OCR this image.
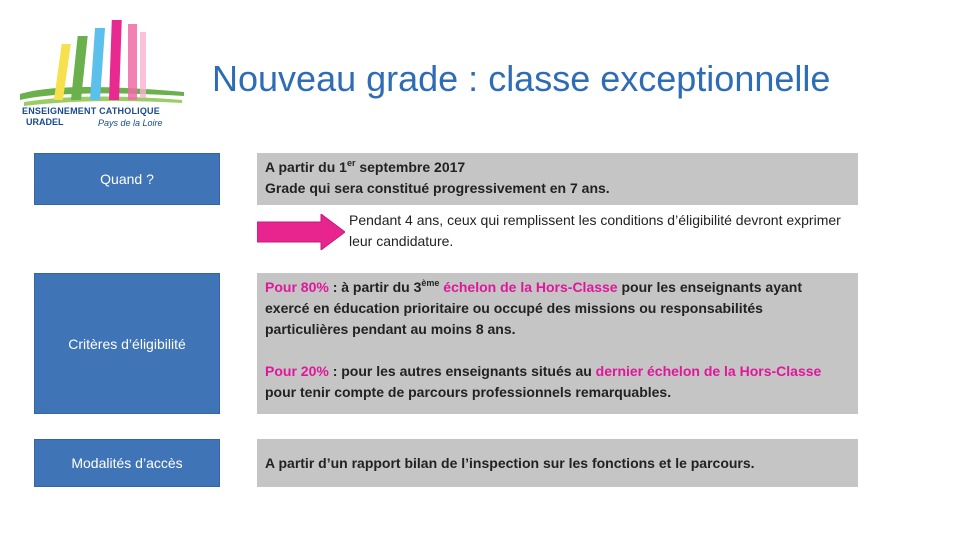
ENSEIGNEMENT CATHOLIQUE
URADEL	Pays de la Loire
Nouveau grade : classe exceptionnelle
Quand ?
A partir du 1er septembre 2017
Grade qui sera constitué progressivement en 7 ans.
Pendant 4 ans, ceux qui remplissent les conditions d’éligibilité devront exprimer leur candidature.
Critères d’éligibilité
Pour 80% : à partir du 3ème échelon de la Hors-Classe pour les enseignants ayant exercé en éducation prioritaire ou occupé des missions ou responsabilités particulières pendant au moins 8 ans.
Pour 20% : pour les autres enseignants situés au dernier échelon de la Hors-Classe pour tenir compte de parcours professionnels remarquables.
Modalités d’accès	A partir d’un rapport bilan de l’inspection sur les fonctions et le parcours.
